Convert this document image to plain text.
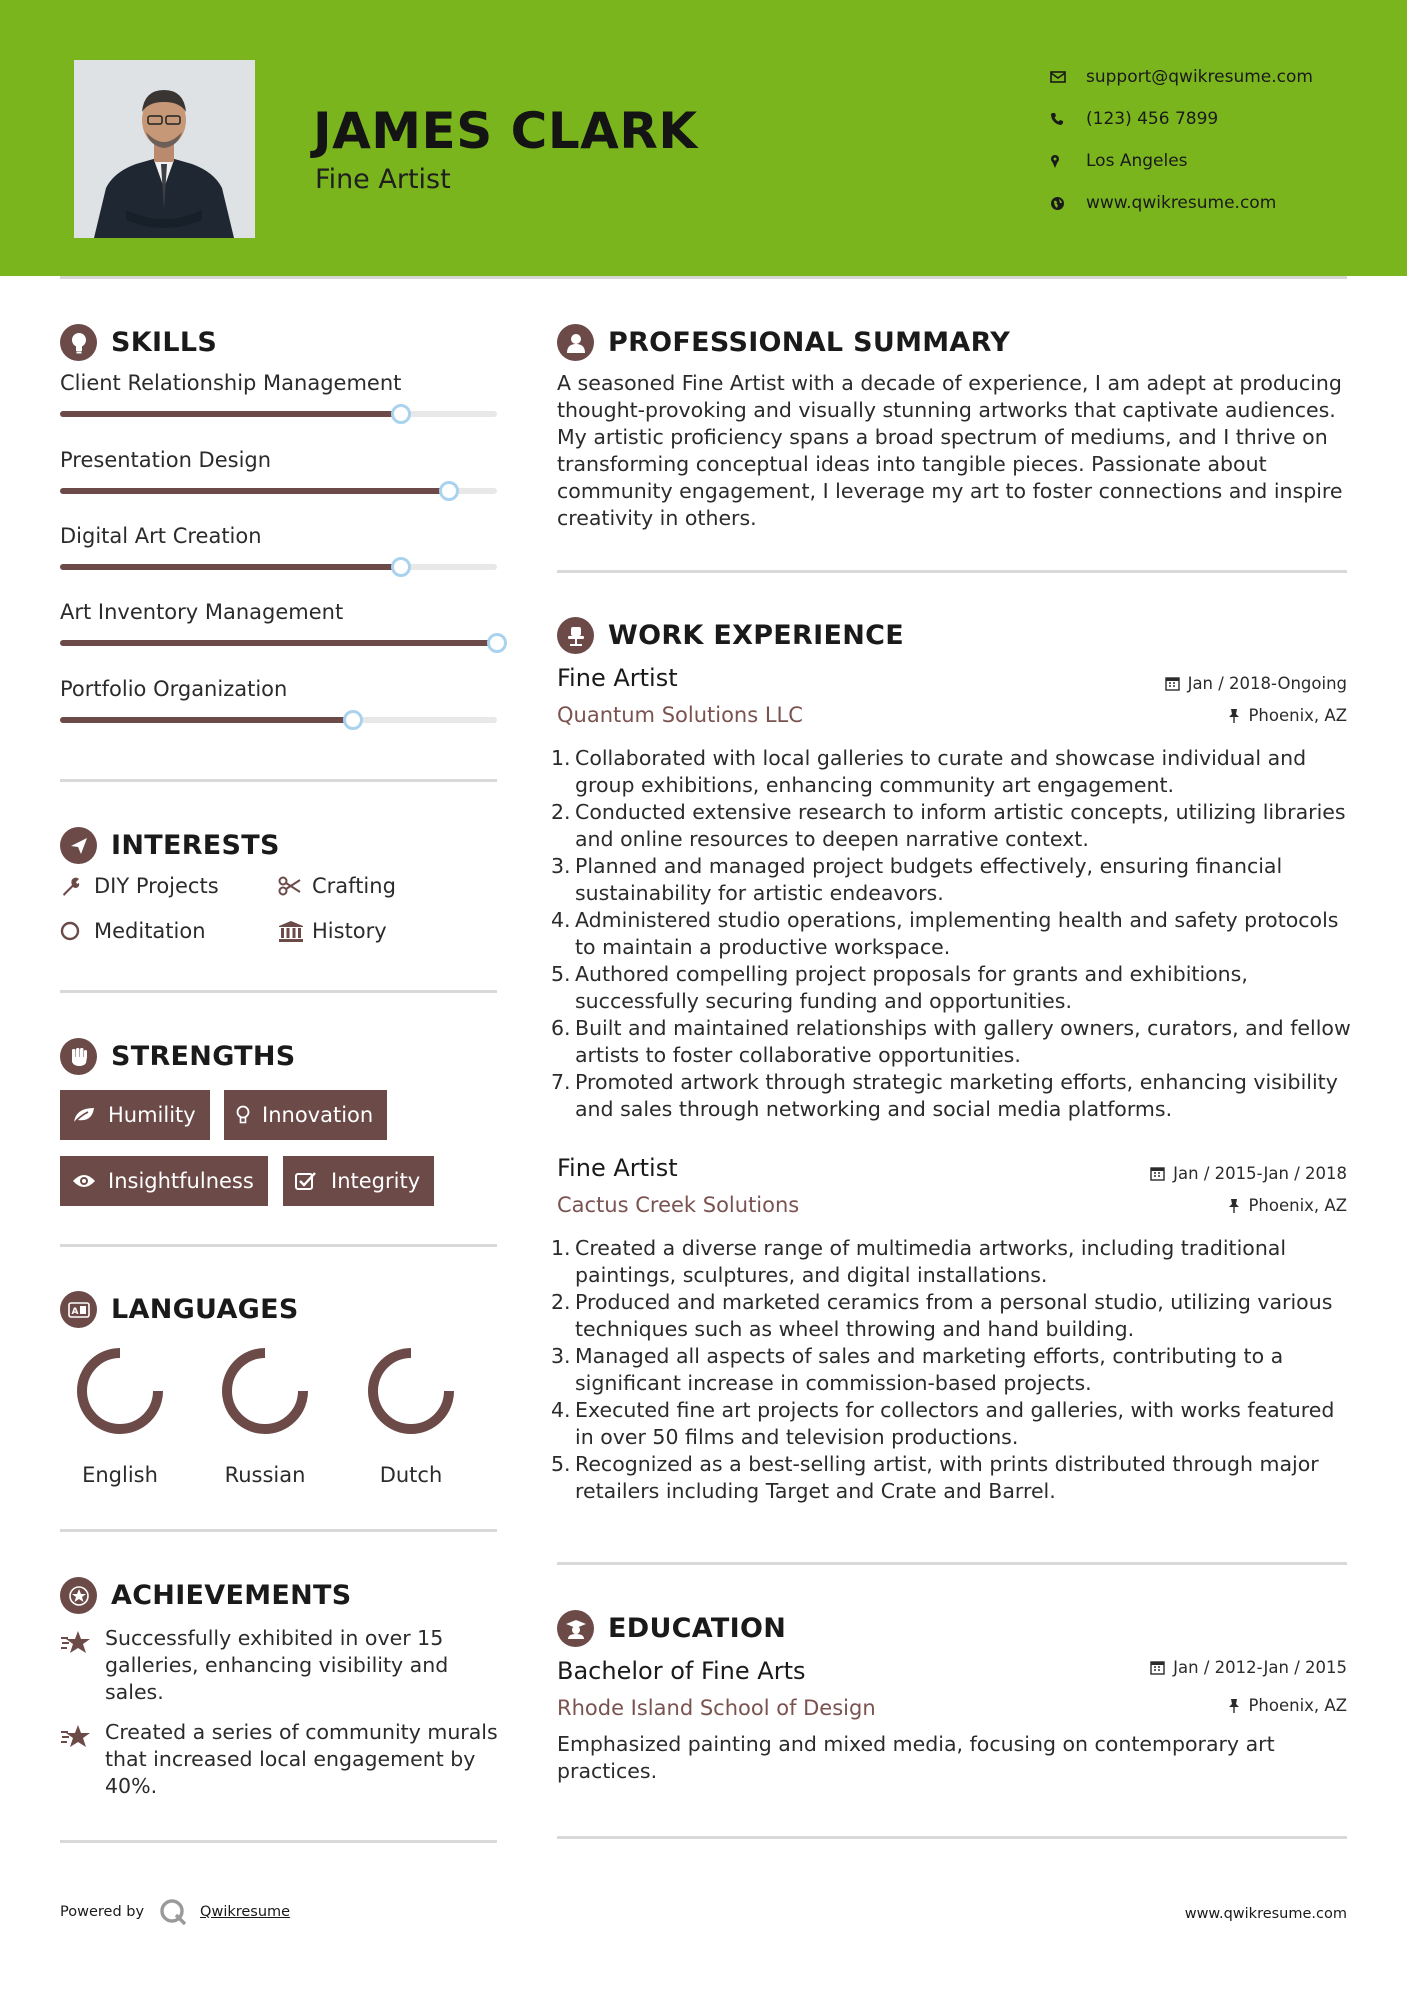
JAMES CLARK
Fine Artist
support@qwikresume.com
(123) 456 7899
Los Angeles
www.qwikresume.com
SKILLS
Client Relationship Management
Presentation Design
Digital Art Creation
Art Inventory Management
Portfolio Organization
INTERESTS
DIY Projects	Crafting
Meditation	History
STRENGTHS
Humility	Innovation
Insightfulness	Integrity
A LANGUAGES
English	Russian	Dutch
ACHIEVEMENTS
Successfully exhibited in over 15 galleries, enhancing visibility and sales.
Created a series of community murals that increased local engagement by 40%.
PROFESSIONAL SUMMARY
A seasoned Fine Artist with a decade of experience, I am adept at producing thought-provoking and visually stunning artworks that captivate audiences. My artistic proficiency spans a broad spectrum of mediums, and I thrive on transforming conceptual ideas into tangible pieces. Passionate about community engagement, I leverage my art to foster connections and inspire creativity in others.
WORK EXPERIENCE
Fine Artist
Quantum Solutions LLC
Jan / 2018-Ongoing
Phoenix, AZ
Collaborated with local galleries to curate and showcase individual and group exhibitions, enhancing community art engagement.
Conducted extensive research to inform artistic concepts, utilizing libraries and online resources to deepen narrative context.
Planned and managed project budgets effectively, ensuring financial sustainability for artistic endeavors.
Administered studio operations, implementing health and safety protocols to maintain a productive workspace.
Authored compelling project proposals for grants and exhibitions, successfully securing funding and opportunities.
Built and maintained relationships with gallery owners, curators, and fellow artists to foster collaborative opportunities.
Promoted artwork through strategic marketing efforts, enhancing visibility and sales through networking and social media platforms.
Fine Artist
Cactus Creek Solutions
Jan / 2015-Jan / 2018
Phoenix, AZ
Created a diverse range of multimedia artworks, including traditional paintings, sculptures, and digital installations.
Produced and marketed ceramics from a personal studio, utilizing various techniques such as wheel throwing and hand building.
Managed all aspects of sales and marketing efforts, contributing to a significant increase in commission-based projects.
Executed fine art projects for collectors and galleries, with works featured in over 50 films and television productions.
Recognized as a best-selling artist, with prints distributed through major retailers including Target and Crate and Barrel.
EDUCATION
Bachelor of Fine Arts
Rhode Island School of Design
Jan / 2012-Jan / 2015
Phoenix, AZ
Emphasized painting and mixed media, focusing on contemporary art practices.
Powered by	Qwikresume	www.qwikresume.com
